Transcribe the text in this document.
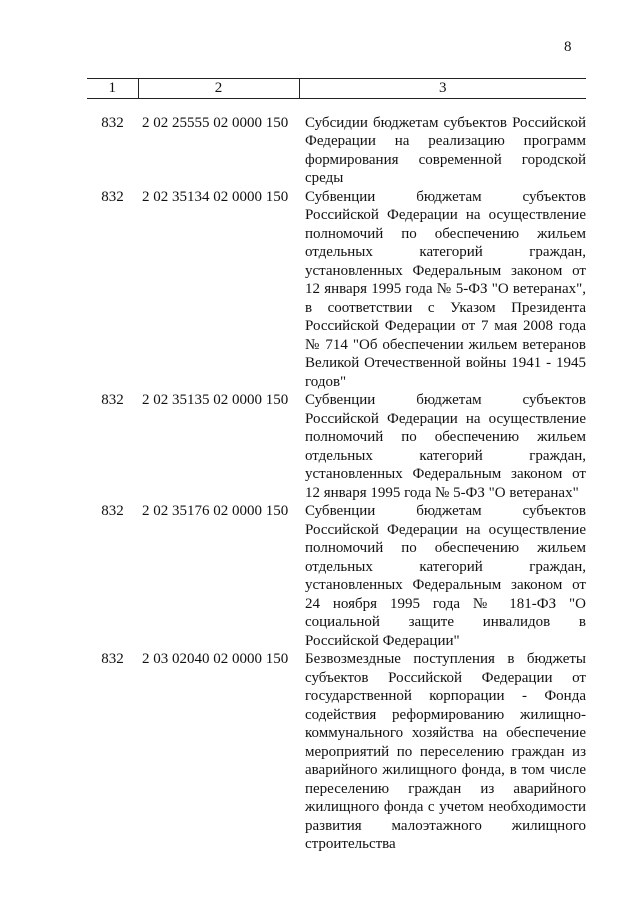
8
1	2	3
832	2 02 25555 02 0000 150	Субсидии бюджетам субъектов Российской Федерации на реализацию программ формирования современной городской среды
832	2 02 35134 02 0000 150	Субвенции бюджетам субъектов Российской Федерации на осуществление полномочий по обеспечению жильем отдельных категорий граждан, установленных Федеральным законом от 12 января 1995 года № 5-ФЗ "О ветеранах", в соответствии с Указом Президента Российской Федерации от 7 мая 2008 года № 714 "Об обеспечении жильем ветеранов Великой Отечественной войны 1941 - 1945 годов"
832	2 02 35135 02 0000 150	Субвенции бюджетам субъектов Российской Федерации на осуществление полномочий по обеспечению жильем отдельных категорий граждан, установленных Федеральным законом от 12 января 1995 года № 5-ФЗ "О ветеранах"
832	2 02 35176 02 0000 150	Субвенции бюджетам субъектов Российской Федерации на осуществление полномочий по обеспечению жильем отдельных категорий граждан, установленных Федеральным законом от 24 ноября 1995 года № 181-ФЗ "О социальной защите инвалидов в Российской Федерации"
832	2 03 02040 02 0000 150	Безвозмездные поступления в бюджеты субъектов Российской Федерации от государственной корпорации - Фонда содействия реформированию жилищно-коммунального хозяйства на обеспечение мероприятий по переселению граждан из аварийного жилищного фонда, в том числе переселению граждан из аварийного жилищного фонда с учетом необходимости развития малоэтажного жилищного строительства
